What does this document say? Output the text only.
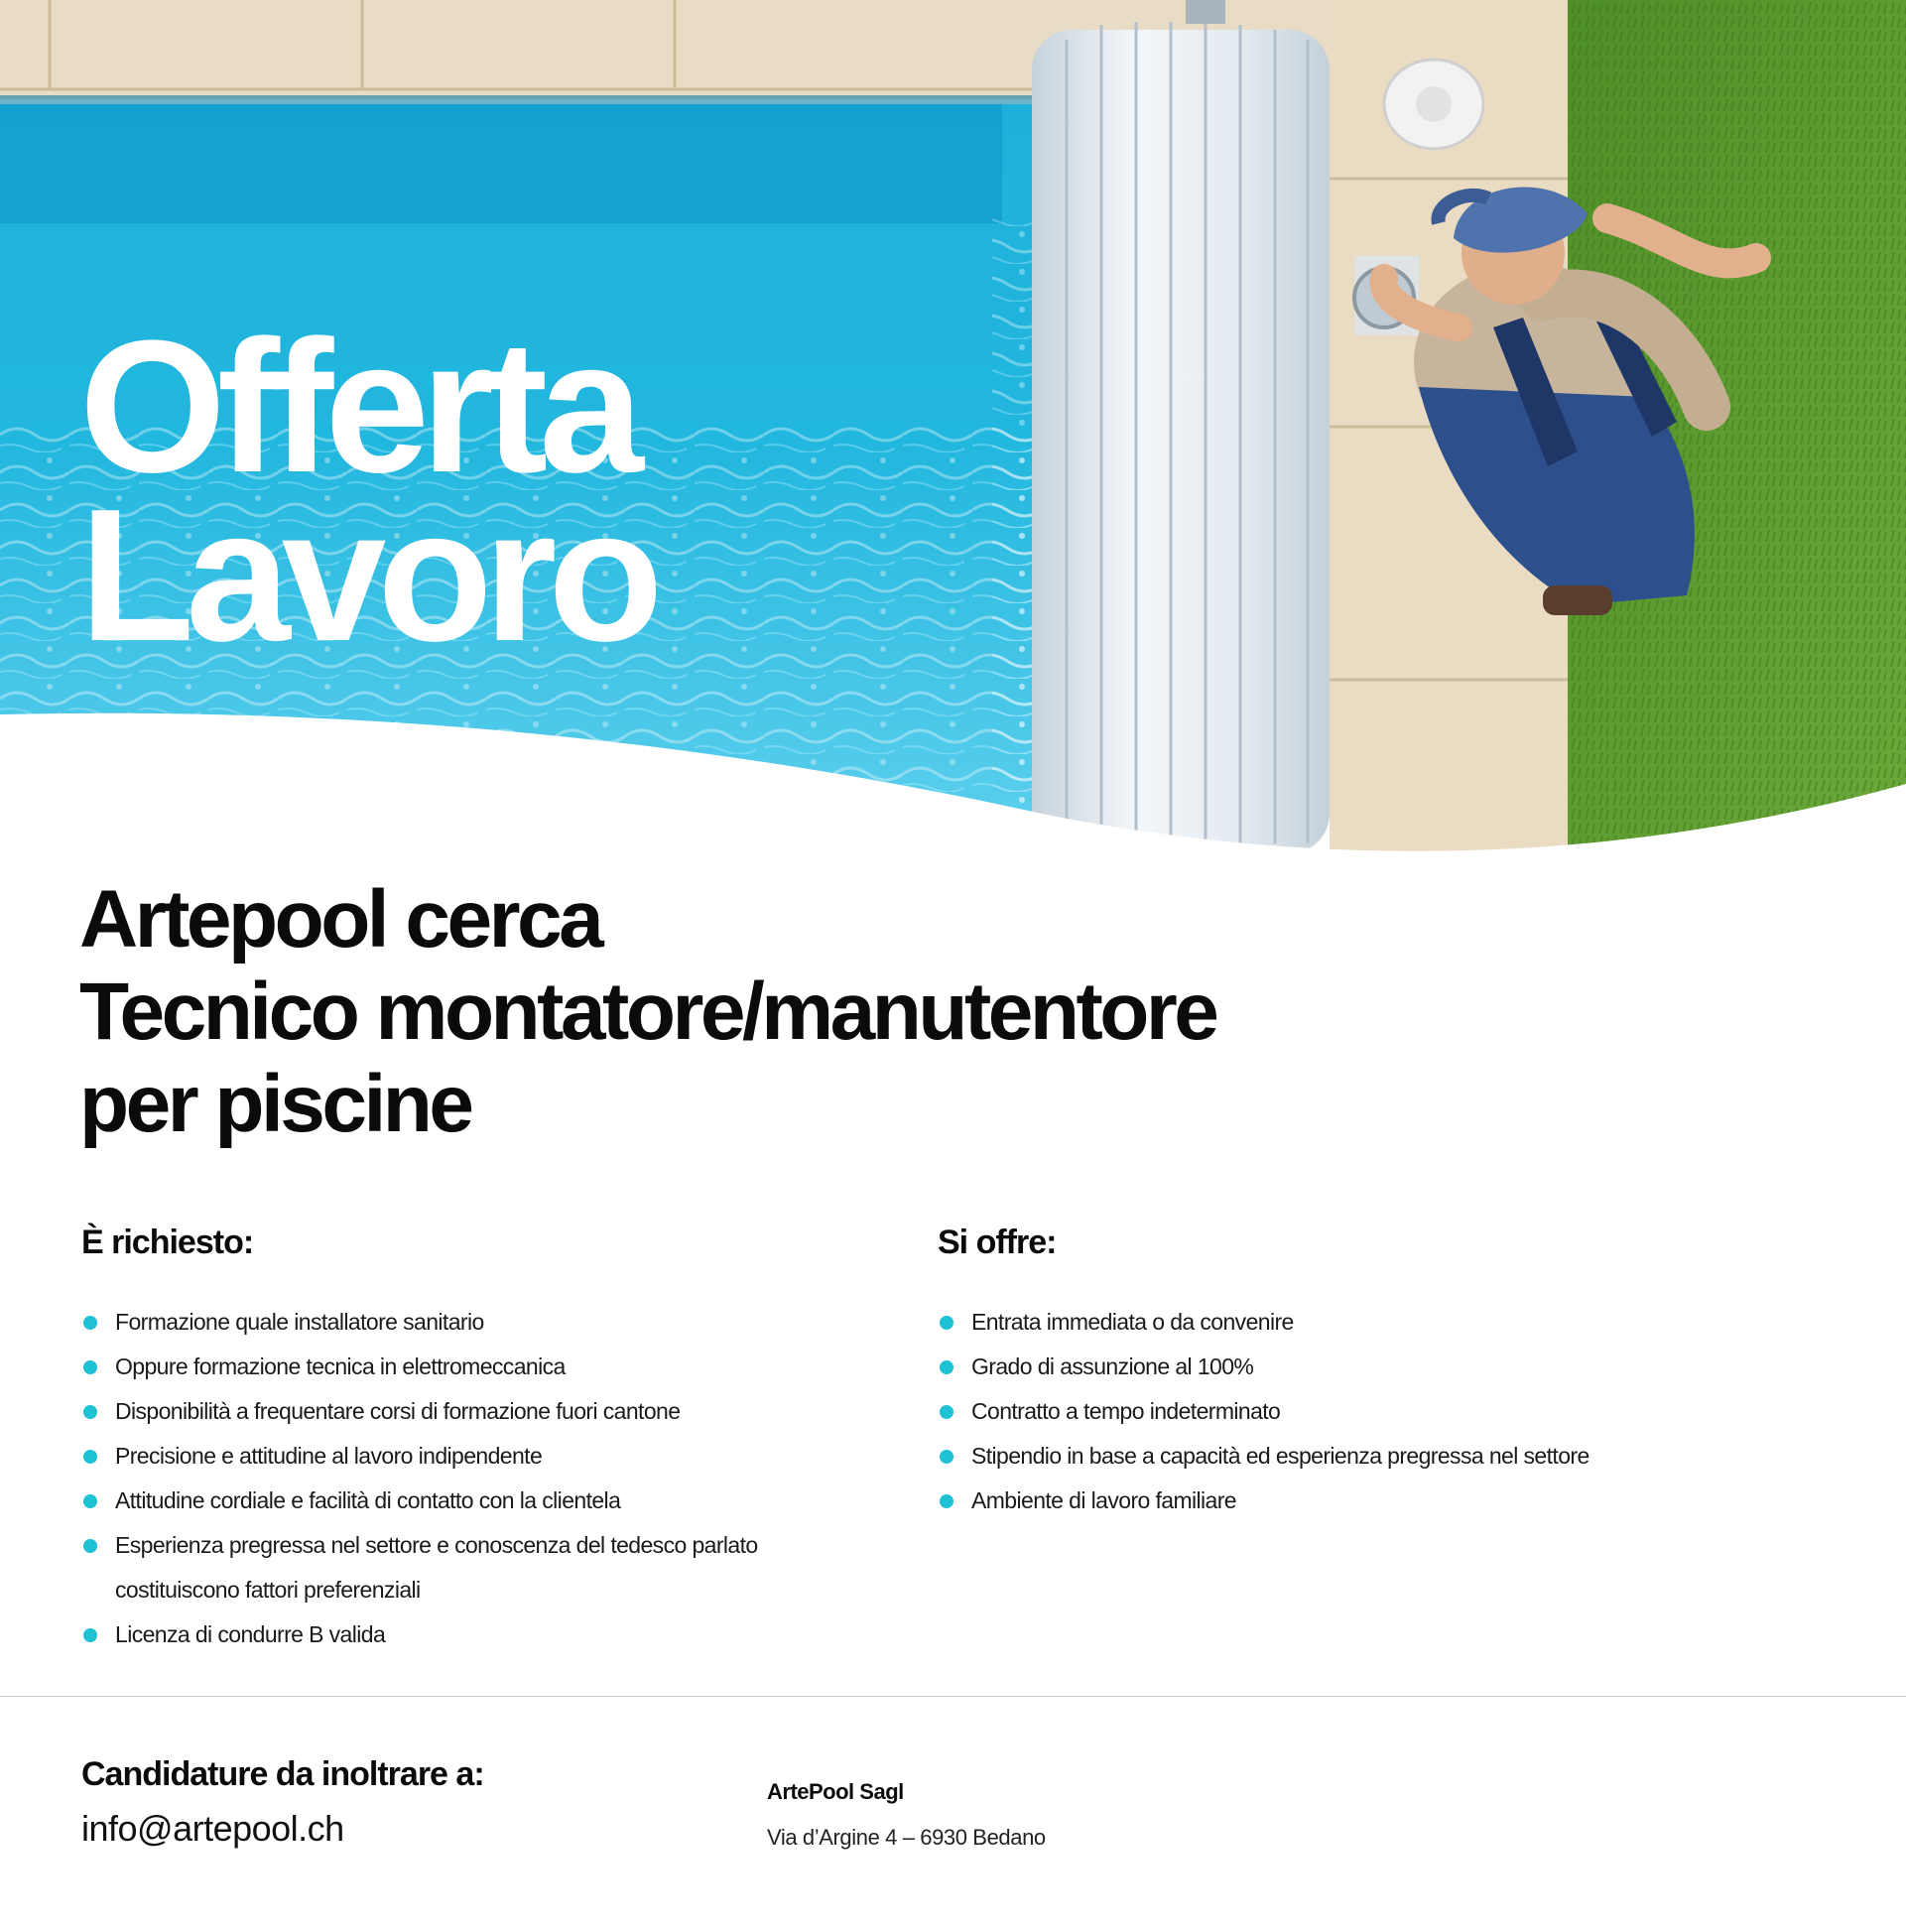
Offerta
Lavoro
Artepool cerca
Tecnico montatore/manutentore
per piscine
È richiesto:
Formazione quale installatore sanitario
Oppure formazione tecnica in elettromeccanica
Disponibilità a frequentare corsi di formazione fuori cantone
Precisione e attitudine al lavoro indipendente
Attitudine cordiale e facilità di contatto con la clientela
Esperienza pregressa nel settore e conoscenza del tedesco parlato costituiscono fattori preferenziali
Licenza di condurre B valida
Si offre:
Entrata immediata o da convenire
Grado di assunzione al 100%
Contratto a tempo indeterminato
Stipendio in base a capacità ed esperienza pregressa nel settore
Ambiente di lavoro familiare
Candidature da inoltrare a:
info@artepool.ch
ArtePool Sagl
Via d’Argine 4 – 6930 Bedano
